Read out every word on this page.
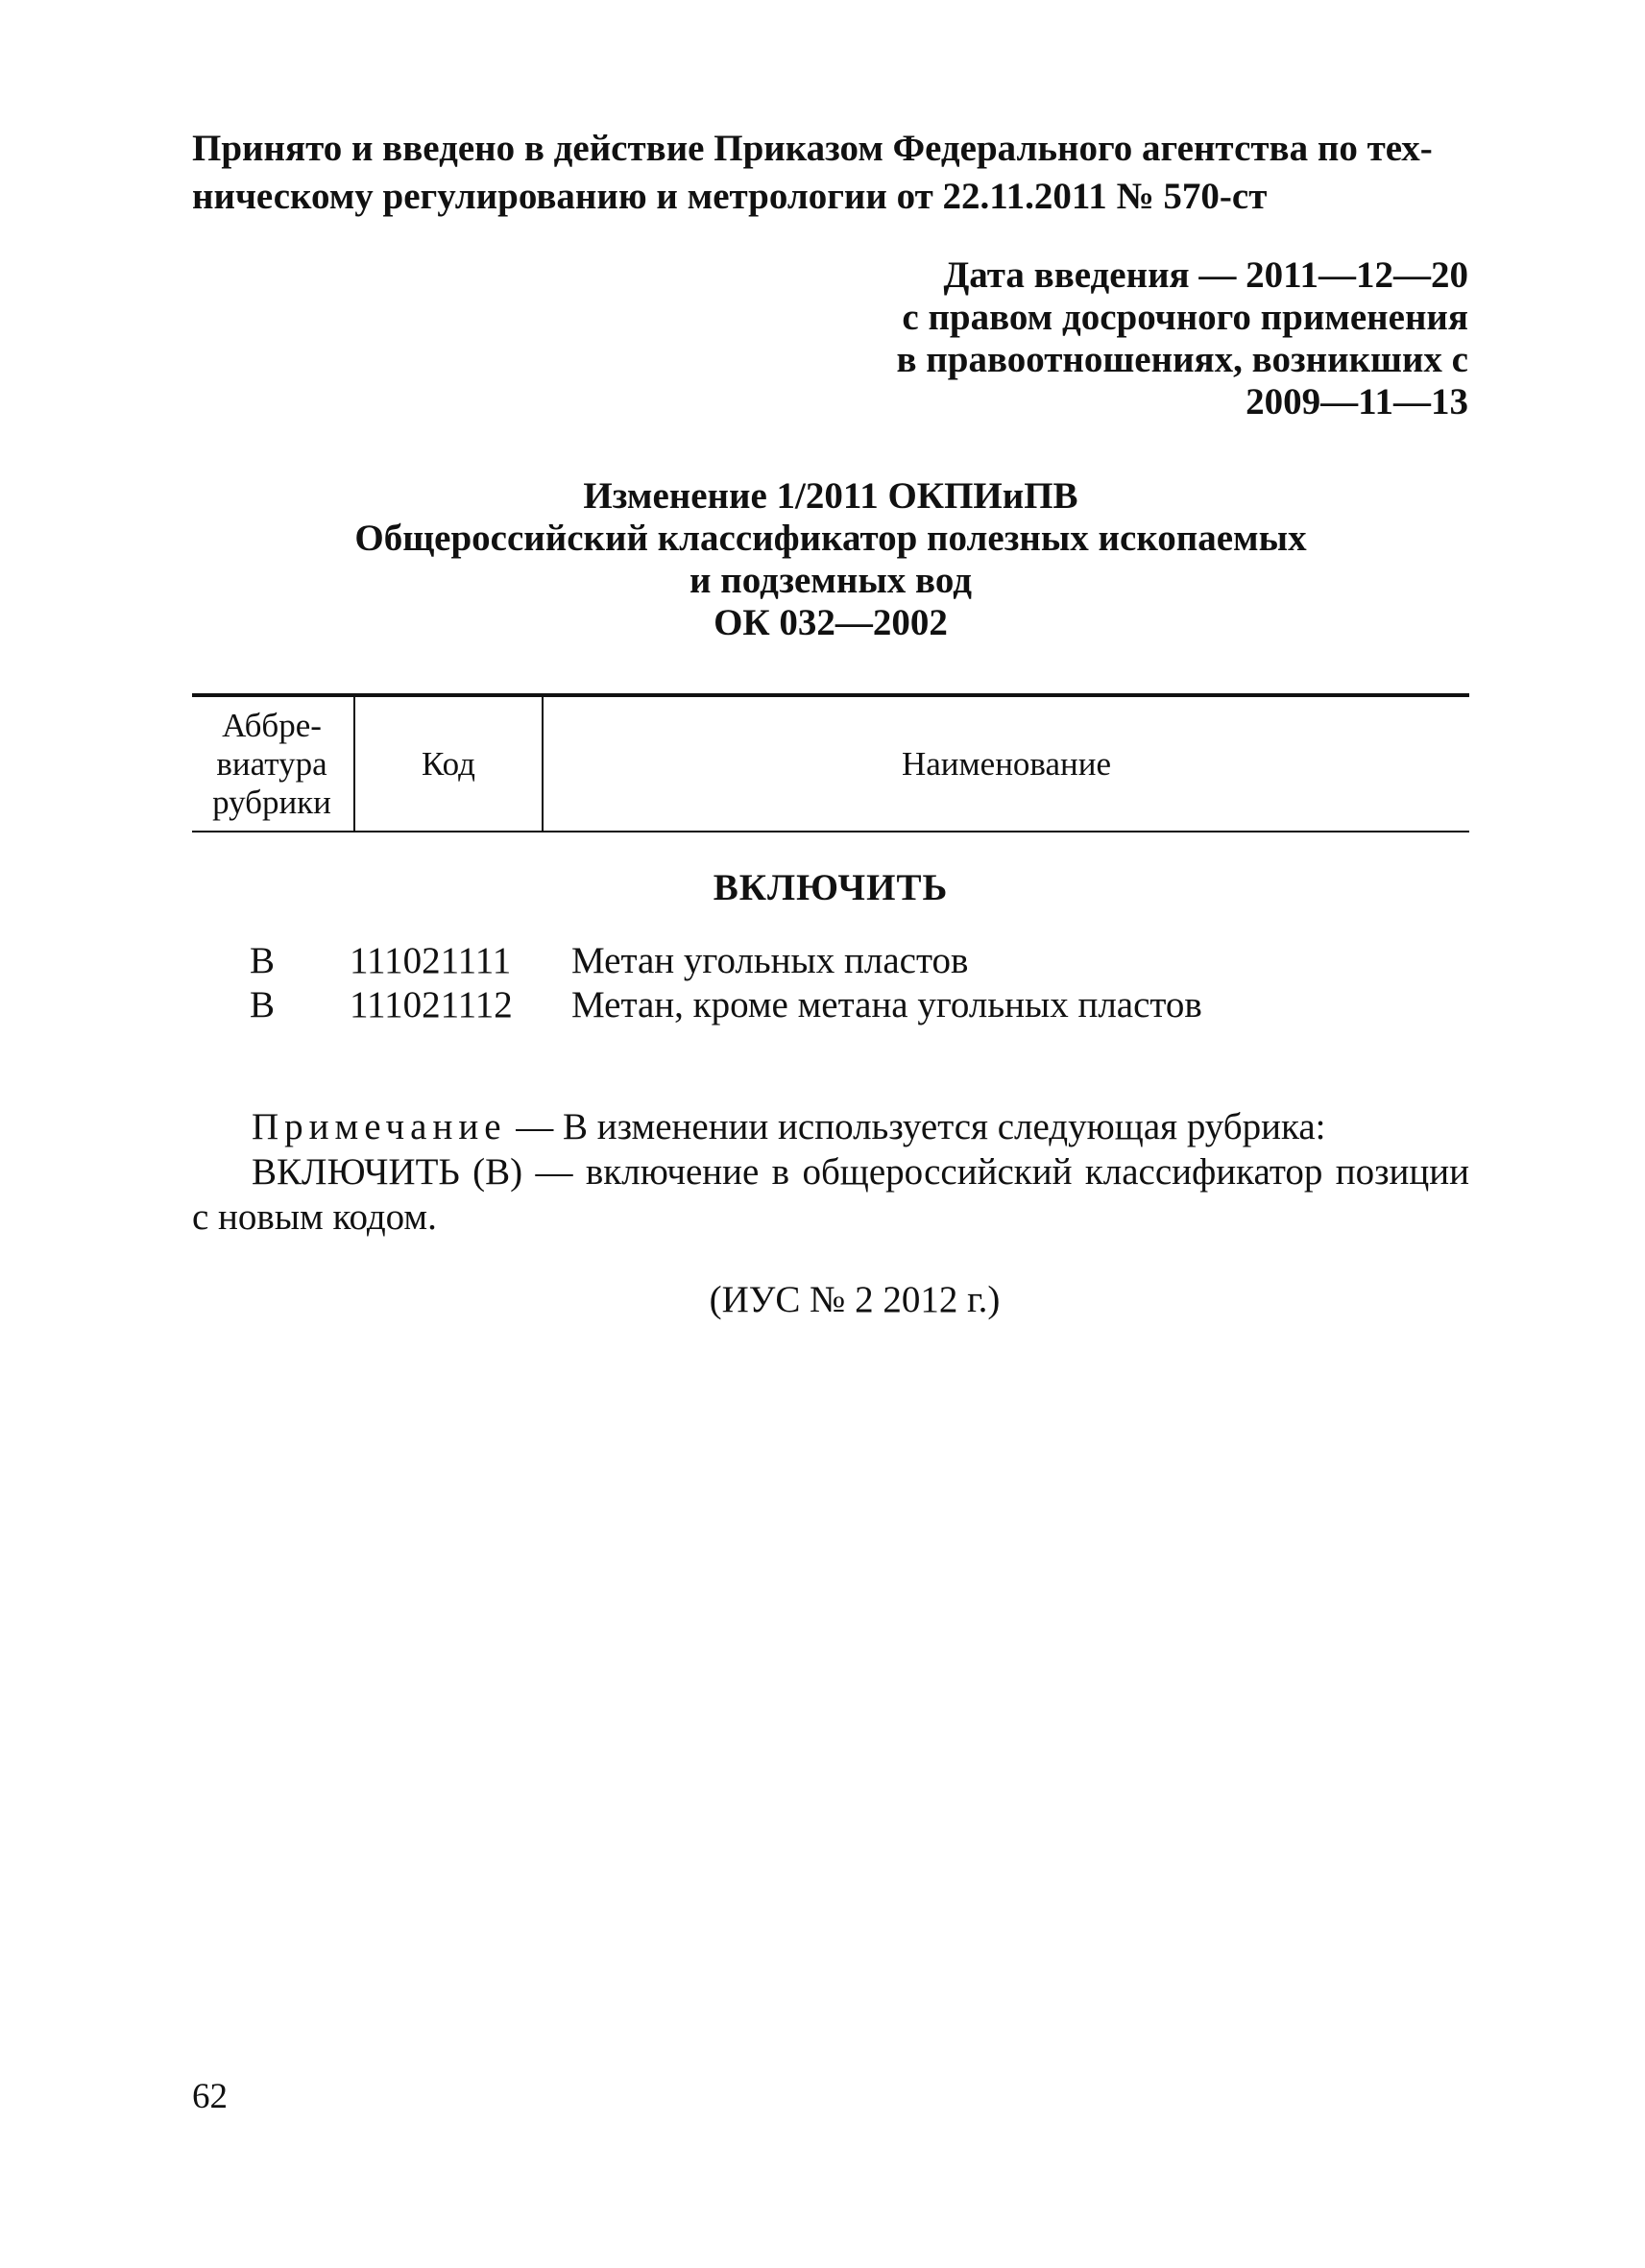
Принято и введено в действие Приказом Федерального агентства по тех-
ническому регулированию и метрологии от 22.11.2011 № 570-ст
Дата введения — 2011—12—20
с правом досрочного применения
в правоотношениях, возникших с
2009—11—13
Изменение 1/2011 ОКПИиПВ
Общероссийский классификатор полезных ископаемых
и подземных вод
ОК 032—2002
Аббре-
виатура
рубрики
Код	Наименование
ВКЛЮЧИТЬ
В 111021111 Метан угольных пластов
В 111021112 Метан, кроме метана угольных пластов
Примечание — В изменении используется следующая рубрика:
ВКЛЮЧИТЬ (В) — включение в общероссийский классификатор позиции с новым кодом.
(ИУС № 2 2012 г.)
62
